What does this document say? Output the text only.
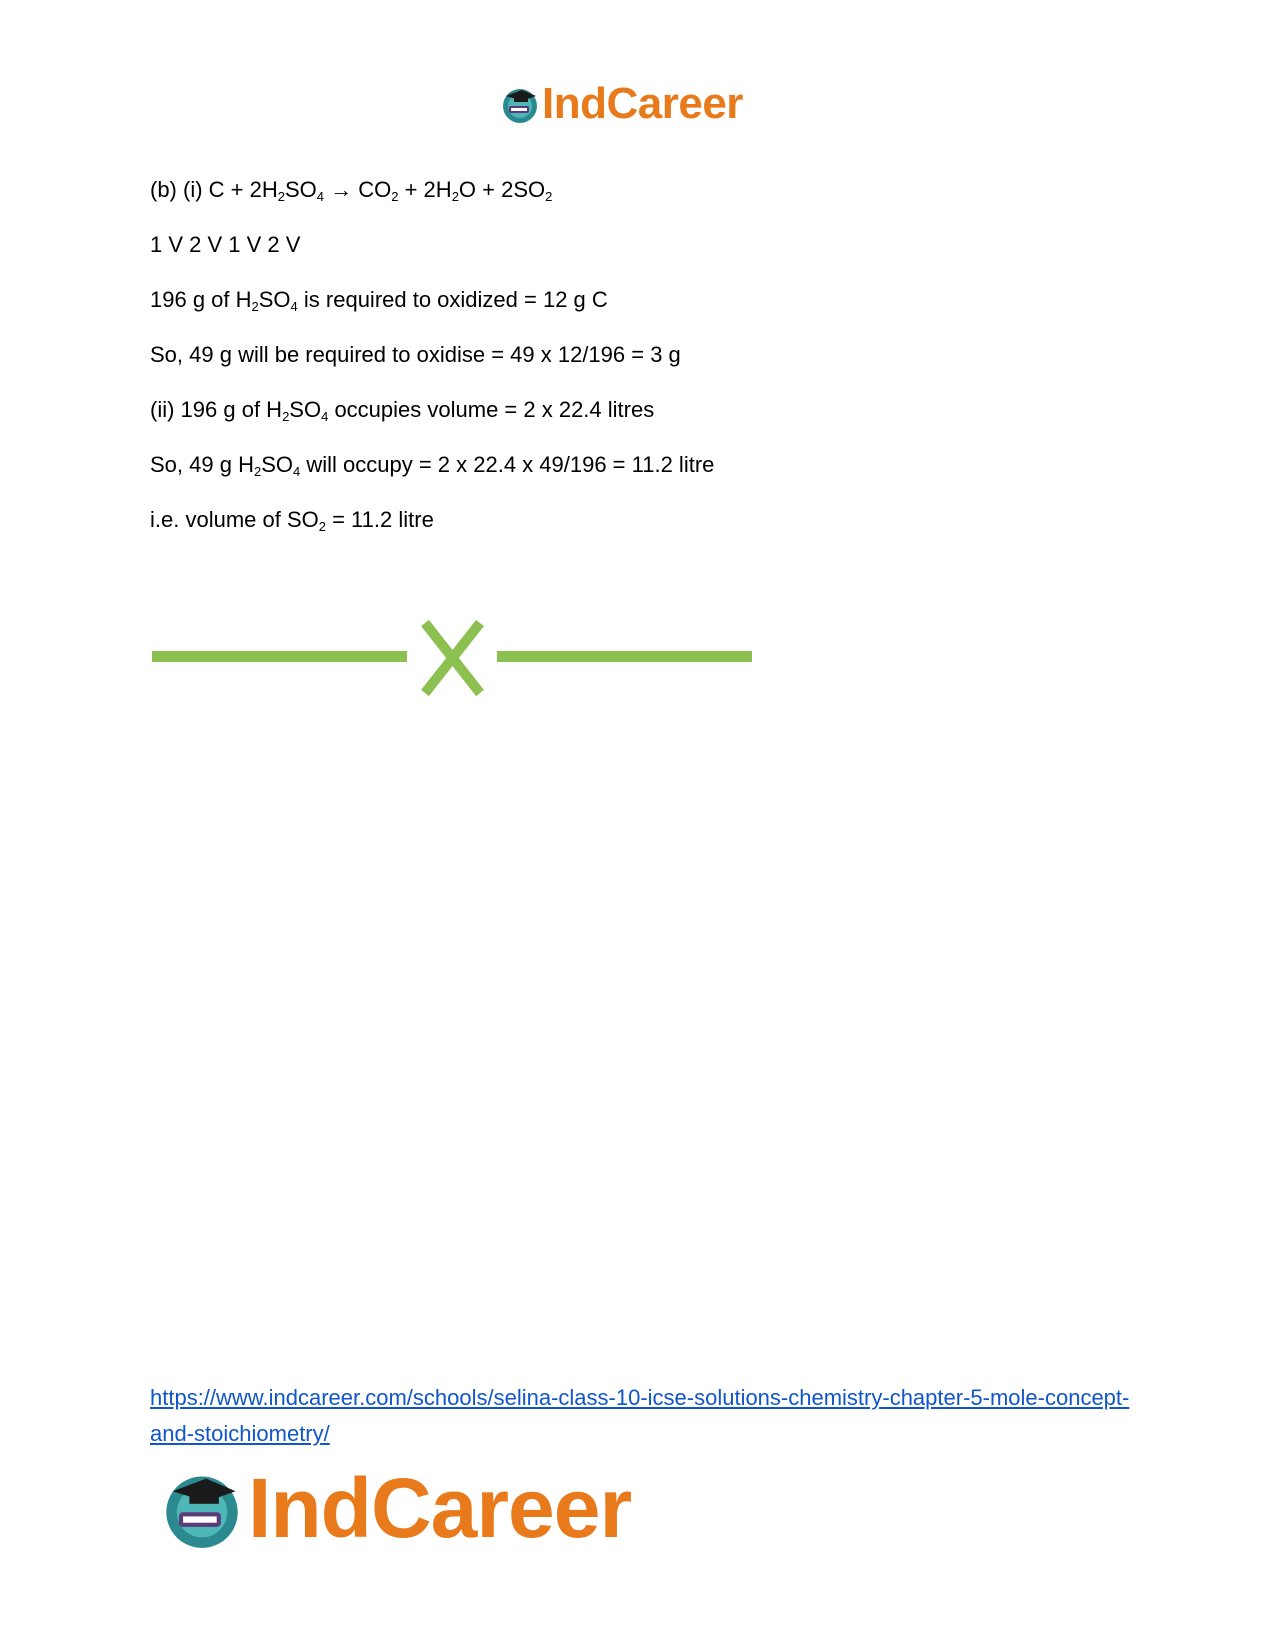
IndCareer
(b) (i) $C + 2H_2SO_4 \to CO_2 + 2H_2O + 2SO_2$
1 V 2 V 1 V 2 V
196 g of $H_2SO_4$ is required to oxidized = 12 g C
So, 49 g will be required to oxidise = 49 x 12/196 = 3 g
(ii) 196 g of $H_2SO_4$ occupies volume = 2 x 22.4 litres
So, 49 g $H_2SO_4$ will occupy = 2 x 22.4 x 49/196 = 11.2 litre
i.e. volume of $SO_2 = 11.2$ litre
https://www.indcareer.com/schools/selina-class-10-icse-solutions-chemistry-chapter-5-mole-concept-and-stoichiometry/
IndCareer
